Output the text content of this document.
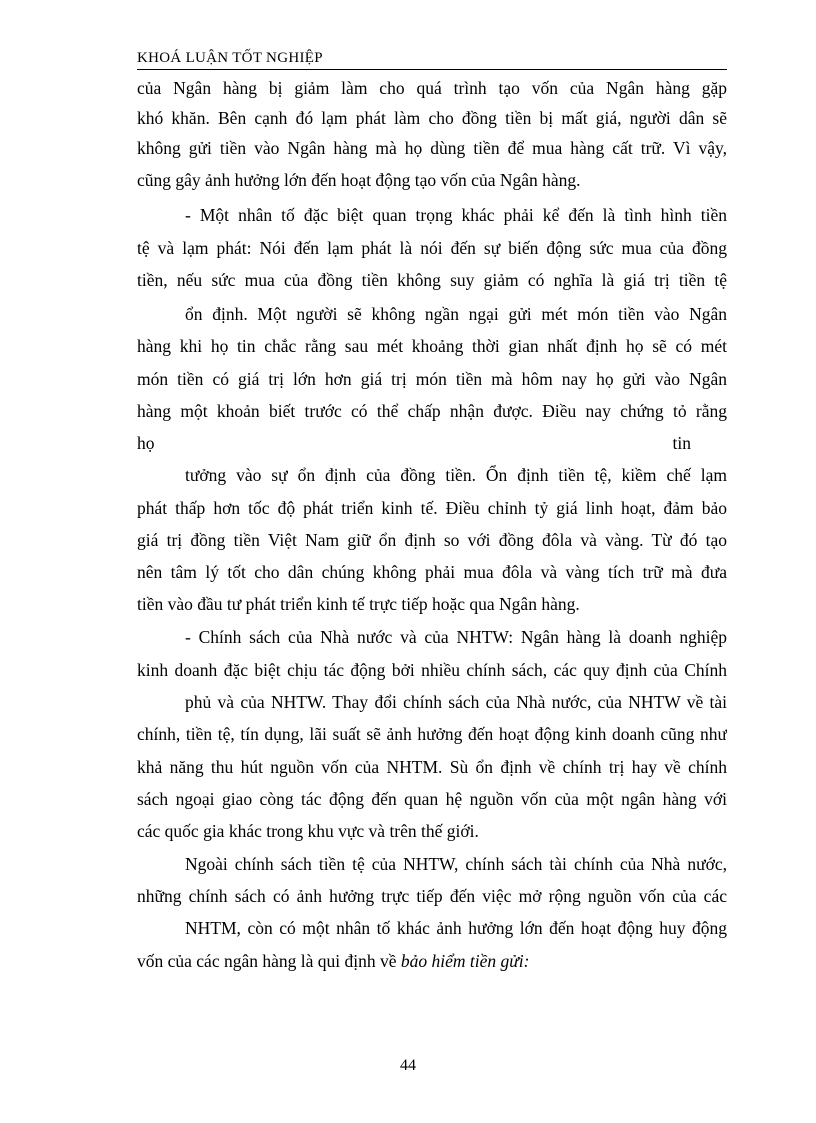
KHOÁ LUẬN TỐT NGHIỆP
của Ngân hàng bị giảm làm cho quá trình tạo vốn của Ngân hàng gặp
khó khăn. Bên cạnh đó lạm phát làm cho đồng tiền bị mất giá, người dân sẽ
không gửi tiền vào Ngân hàng mà họ dùng tiền để mua hàng cất trữ. Vì vậy,
cũng gây ảnh hưởng lớn đến hoạt động tạo vốn của Ngân hàng.
- Một nhân tố đặc biệt quan trọng khác phải kể đến là tình hình tiền
tệ và lạm phát: Nói đến lạm phát là nói đến sự biến động sức mua của đồng
tiền, nếu sức mua của đồng tiền không suy giảm có nghĩa là giá trị tiền tệ
ổn định. Một người sẽ không ngần ngại gửi mét món tiền vào Ngân
hàng khi họ tin chắc rằng sau mét khoảng thời gian nhất định họ sẽ có mét
món tiền có giá trị lớn hơn giá trị món tiền mà hôm nay họ gửi vào Ngân
hàng một khoản biết trước có thể chấp nhận được. Điều nay chứng tỏ rằng
họ tin
tưởng vào sự ổn định của đồng tiền. Ổn định tiền tệ, kiềm chế lạm
phát thấp hơn tốc độ phát triển kinh tế. Điều chỉnh tỷ giá linh hoạt, đảm bảo
giá trị đồng tiền Việt Nam giữ ổn định so với đồng đôla và vàng. Từ đó tạo
nên tâm lý tốt cho dân chúng không phải mua đôla và vàng tích trữ mà đưa
tiền vào đầu tư phát triển kinh tế trực tiếp hoặc qua Ngân hàng.
- Chính sách của Nhà nước và của NHTW: Ngân hàng là doanh nghiệp
kinh doanh đặc biệt chịu tác động bởi nhiều chính sách, các quy định của Chính
phủ và của NHTW. Thay đổi chính sách của Nhà nước, của NHTW về tài
chính, tiền tệ, tín dụng, lãi suất sẽ ảnh hưởng đến hoạt động kinh doanh cũng như
khả năng thu hút nguồn vốn của NHTM. Sù ổn định về chính trị hay về chính
sách ngoại giao còng tác động đến quan hệ nguồn vốn của một ngân hàng với
các quốc gia khác trong khu vực và trên thế giới.
Ngoài chính sách tiền tệ của NHTW, chính sách tài chính của Nhà nước,
những chính sách có ảnh hưởng trực tiếp đến việc mở rộng nguồn vốn của các
NHTM, còn có một nhân tố khác ảnh hưởng lớn đến hoạt động huy động
vốn của các ngân hàng là qui định về bảo hiểm tiền gửi:
44
